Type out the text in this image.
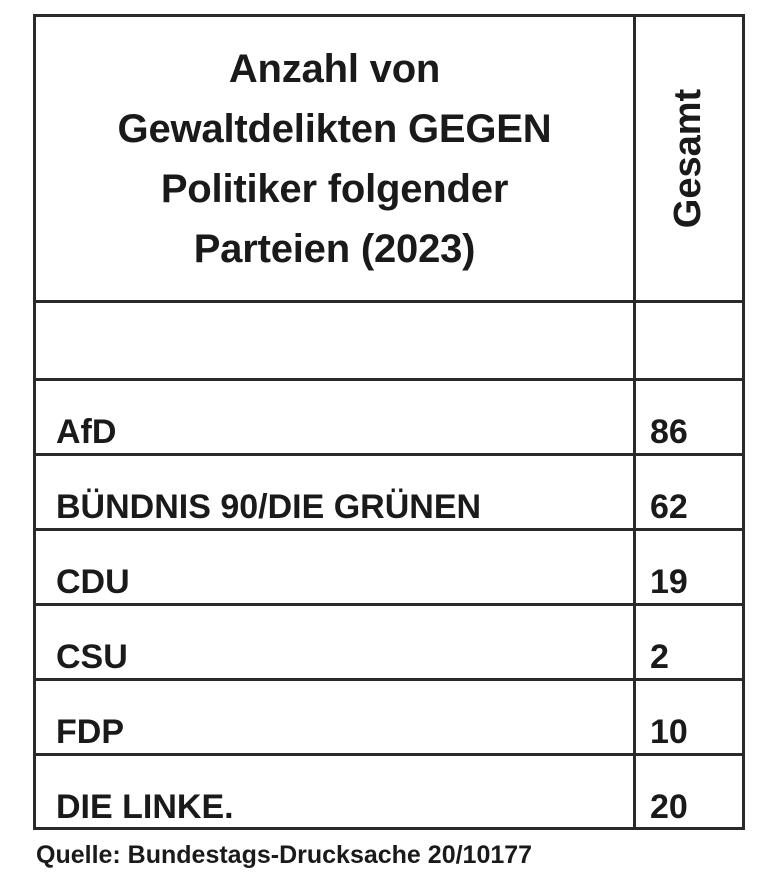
Anzahl von
Gewaltdelikten GEGEN
Politiker folgender
Parteien (2023)
Gesamt
AfD	86
BÜNDNIS 90/DIE GRÜNEN	62
CDU	19
CSU	2
FDP	10
DIE LINKE.	20
Quelle: Bundestags-Drucksache 20/10177
